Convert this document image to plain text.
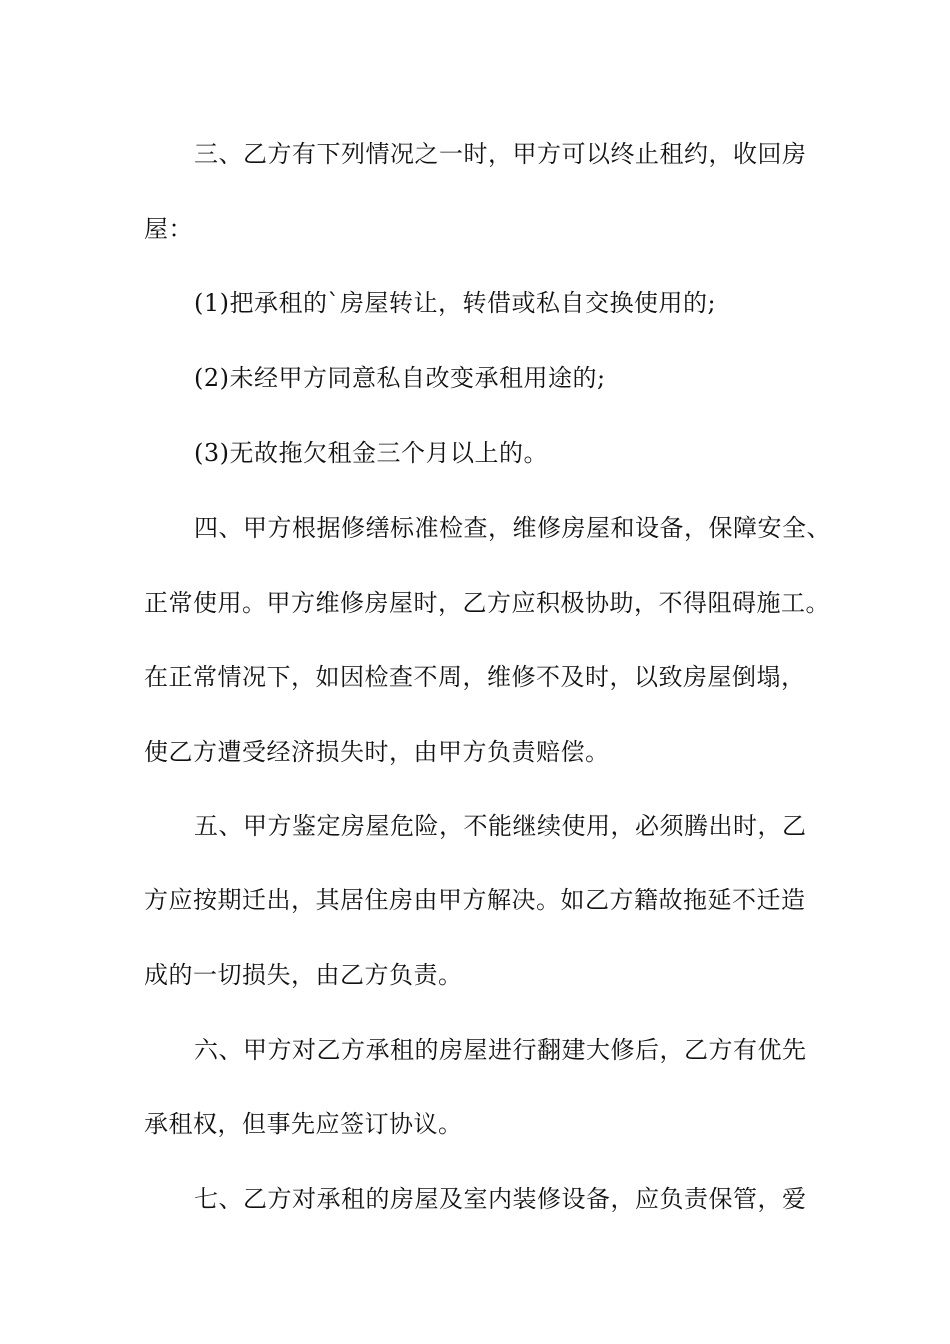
三、乙方有下列情况之一时，甲方可以终止租约，收回房
屋：
(1)把承租的`房屋转让，转借或私自交换使用的;
(2)未经甲方同意私自改变承租用途的;
(3)无故拖欠租金三个月以上的。
四、甲方根据修缮标准检查，维修房屋和设备，保障安全、
正常使用。甲方维修房屋时，乙方应积极协助，不得阻碍施工。
在正常情况下，如因检查不周，维修不及时，以致房屋倒塌，
使乙方遭受经济损失时，由甲方负责赔偿。
五、甲方鉴定房屋危险，不能继续使用，必须腾出时，乙
方应按期迁出，其居住房由甲方解决。如乙方籍故拖延不迁造
成的一切损失，由乙方负责。
六、甲方对乙方承租的房屋进行翻建大修后，乙方有优先
承租权，但事先应签订协议。
七、乙方对承租的房屋及室内装修设备，应负责保管，爱
